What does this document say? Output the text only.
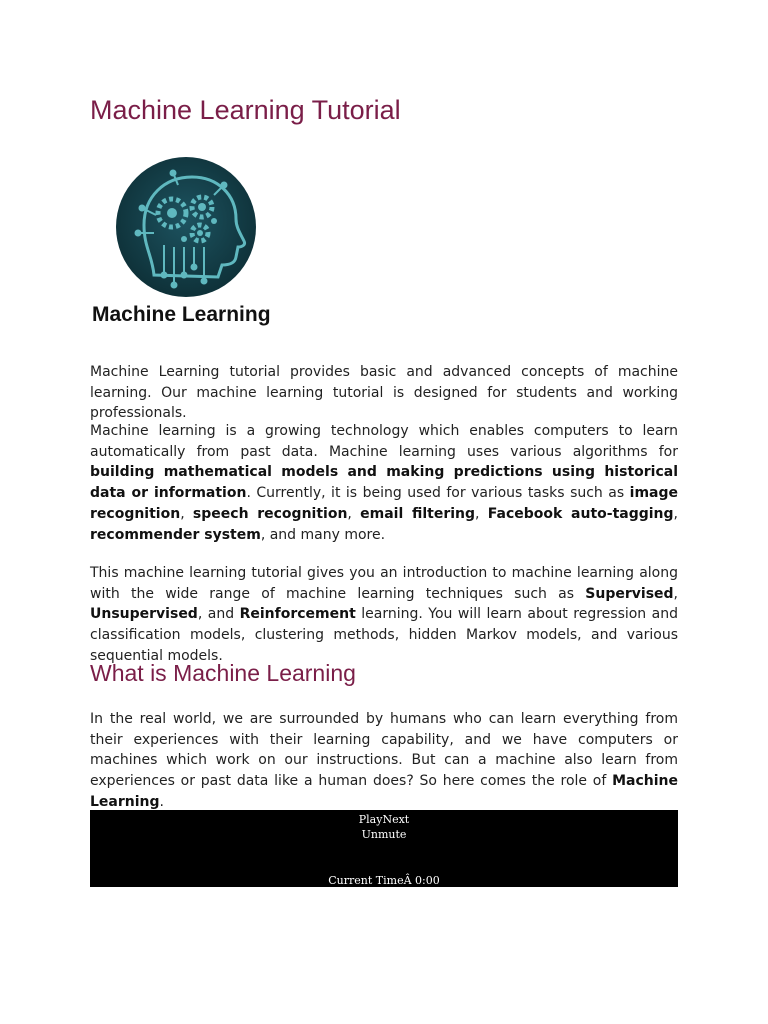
Machine Learning Tutorial

Machine Learning

Machine Learning tutorial provides basic and advanced concepts of machine learning. Our machine learning tutorial is designed for students and working professionals.

Machine learning is a growing technology which enables computers to learn automatically from past data. Machine learning uses various algorithms for building mathematical models and making predictions using historical data or information. Currently, it is being used for various tasks such as image recognition, speech recognition, email filtering, Facebook auto-tagging, recommender system, and many more.

This machine learning tutorial gives you an introduction to machine learning along with the wide range of machine learning techniques such as Supervised, Unsupervised, and Reinforcement learning. You will learn about regression and classification models, clustering methods, hidden Markov models, and various sequential models.

What is Machine Learning

In the real world, we are surrounded by humans who can learn everything from their experiences with their learning capability, and we have computers or machines which work on our instructions. But can a machine also learn from experiences or past data like a human does? So here comes the role of Machine Learning.

PlayNext
Unmute
Current TimeÂ 0:00
